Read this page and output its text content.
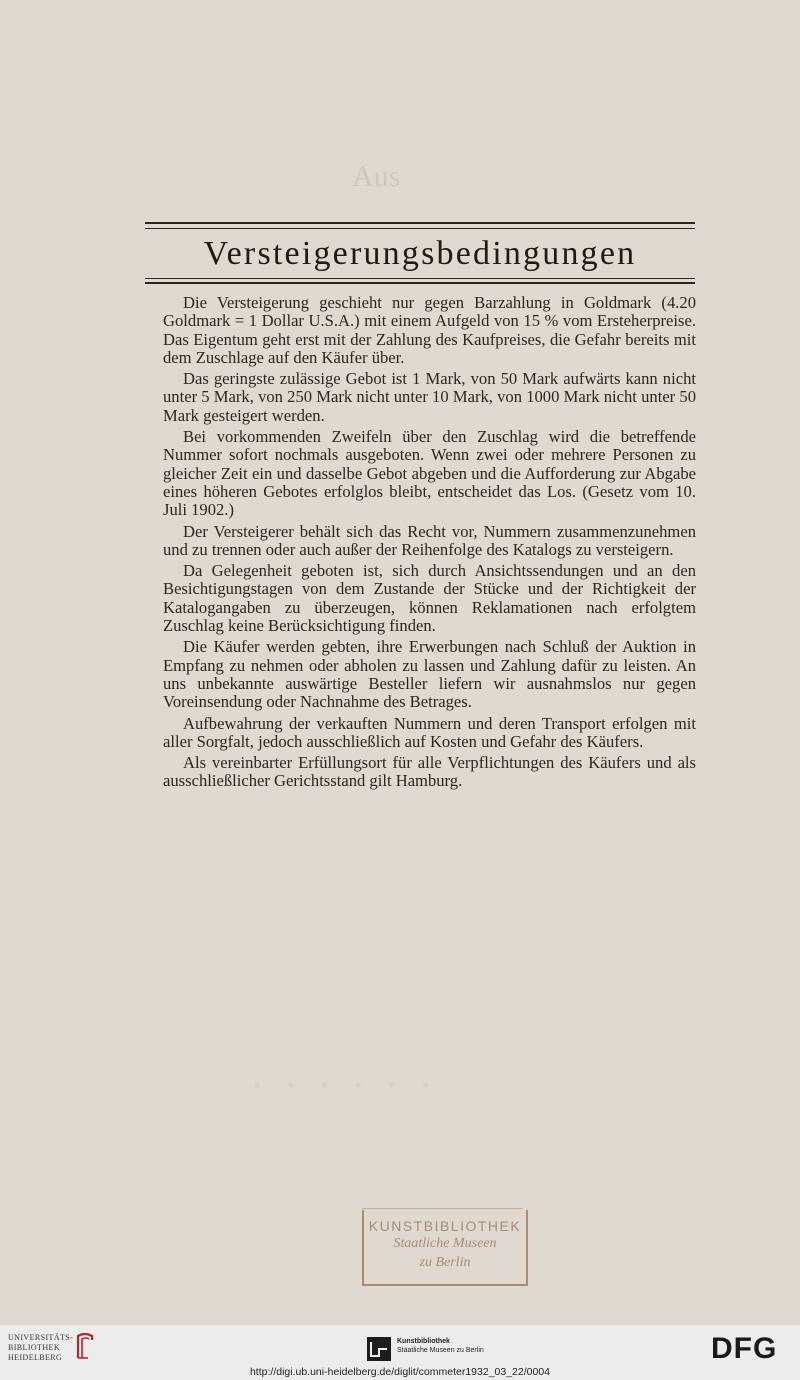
Aus
· · · · · ·
Versteigerungsbedingungen

Die Versteigerung geschieht nur gegen Barzahlung in Goldmark (4.20 Goldmark = 1 Dollar U.S.A.) mit einem Aufgeld von 15 % vom Ersteherpreise. Das Eigentum geht erst mit der Zahlung des Kaufpreises, die Gefahr bereits mit dem Zuschlage auf den Käufer über.

Das geringste zulässige Gebot ist 1 Mark, von 50 Mark aufwärts kann nicht unter 5 Mark, von 250 Mark nicht unter 10 Mark, von 1000 Mark nicht unter 50 Mark gesteigert werden.

Bei vorkommenden Zweifeln über den Zuschlag wird die betreffende Nummer sofort nochmals ausgeboten. Wenn zwei oder mehrere Personen zu gleicher Zeit ein und dasselbe Gebot abgeben und die Aufforderung zur Abgabe eines höheren Gebotes erfolglos bleibt, entscheidet das Los. (Gesetz vom 10. Juli 1902.)

Der Versteigerer behält sich das Recht vor, Nummern zusammenzunehmen und zu trennen oder auch außer der Reihenfolge des Katalogs zu versteigern.

Da Gelegenheit geboten ist, sich durch Ansichtssendungen und an den Besichtigungstagen von dem Zustande der Stücke und der Richtigkeit der Katalogangaben zu überzeugen, können Reklamationen nach erfolgtem Zuschlag keine Berücksichtigung finden.

Die Käufer werden gebten, ihre Erwerbungen nach Schluß der Auktion in Empfang zu nehmen oder abholen zu lassen und Zahlung dafür zu leisten. An uns unbekannte auswärtige Besteller liefern wir ausnahmslos nur gegen Voreinsendung oder Nachnahme des Betrages.

Aufbewahrung der verkauften Nummern und deren Transport erfolgen mit aller Sorgfalt, jedoch ausschließlich auf Kosten und Gefahr des Käufers.

Als vereinbarter Erfüllungsort für alle Verpflichtungen des Käufers und als ausschließlicher Gerichtsstand gilt Hamburg.

KUNSTBIBLIOTHEK
Staatliche Museen
zu Berlin
UNIVERSITÄTS-
BIBLIOTHEK
HEIDELBERG
Kunstbibliothek
Staatliche Museen zu Berlin	DFG
http://digi.ub.uni-heidelberg.de/diglit/commeter1932_03_22/0004
